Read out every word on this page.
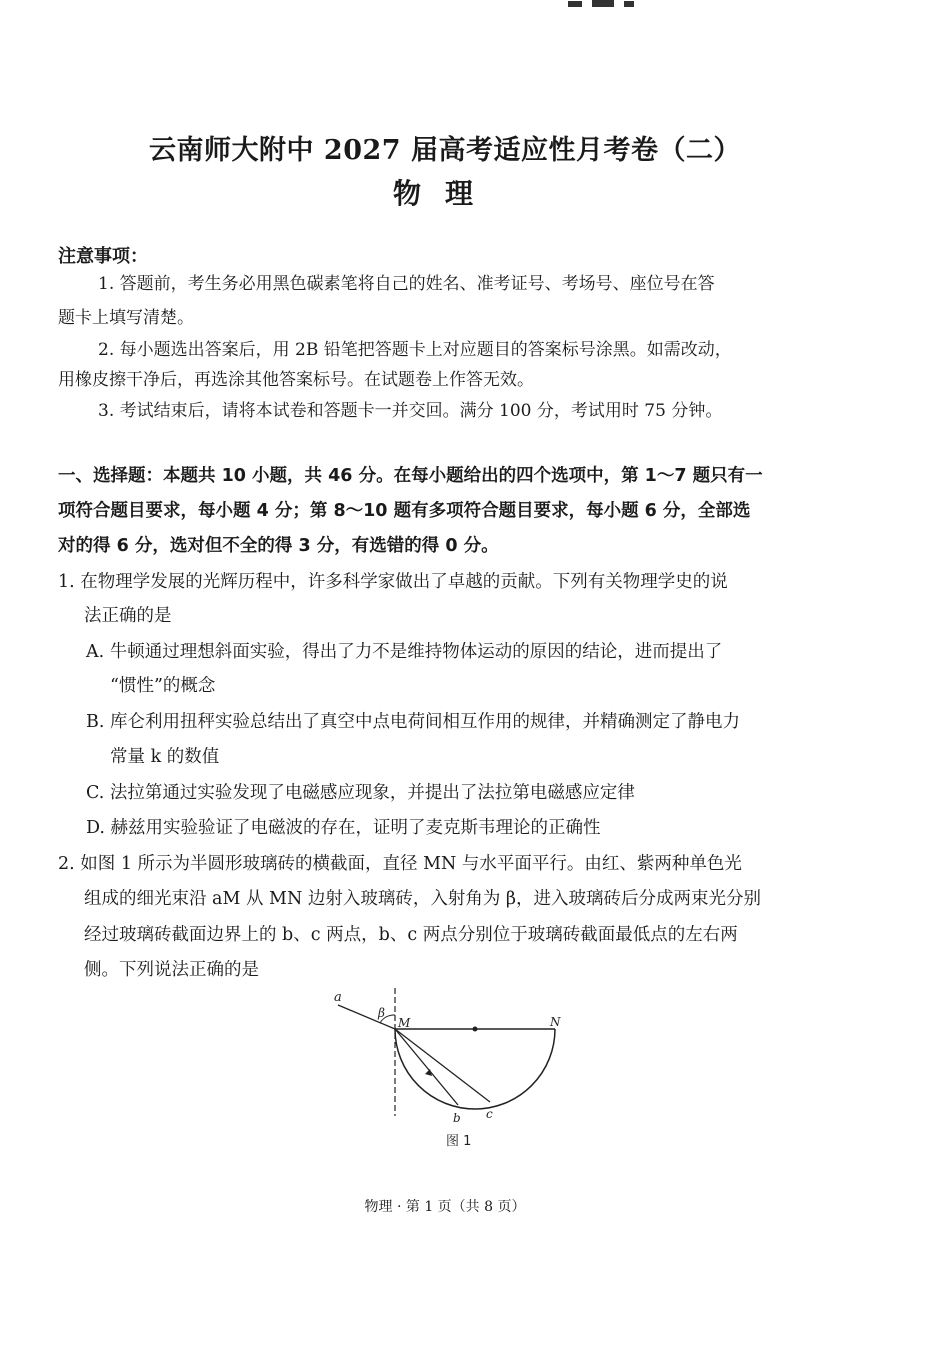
云南师大附中 2027 届高考适应性月考卷（二）
物理
注意事项：
1. 答题前，考生务必用黑色碳素笔将自己的姓名、准考证号、考场号、座位号在答
题卡上填写清楚。
2. 每小题选出答案后，用 2B 铅笔把答题卡上对应题目的答案标号涂黑。如需改动，
用橡皮擦干净后，再选涂其他答案标号。在试题卷上作答无效。
3. 考试结束后，请将本试卷和答题卡一并交回。满分 100 分，考试用时 75 分钟。
一、选择题：本题共 10 小题，共 46 分。在每小题给出的四个选项中，第 1～7 题只有一
项符合题目要求，每小题 4 分；第 8～10 题有多项符合题目要求，每小题 6 分，全部选
对的得 6 分，选对但不全的得 3 分，有选错的得 0 分。
1. 在物理学发展的光辉历程中，许多科学家做出了卓越的贡献。下列有关物理学史的说
法正确的是
A. 牛顿通过理想斜面实验，得出了力不是维持物体运动的原因的结论，进而提出了
“惯性”的概念
B. 库仑利用扭秤实验总结出了真空中点电荷间相互作用的规律，并精确测定了静电力
常量 k 的数值
C. 法拉第通过实验发现了电磁感应现象，并提出了法拉第电磁感应定律
D. 赫兹用实验验证了电磁波的存在，证明了麦克斯韦理论的正确性
2. 如图 1 所示为半圆形玻璃砖的横截面，直径 MN 与水平面平行。由红、紫两种单色光
组成的细光束沿 aM 从 MN 边射入玻璃砖，入射角为 β，进入玻璃砖后分成两束光分别
经过玻璃砖截面边界上的 b、c 两点，b、c 两点分别位于玻璃砖截面最低点的左右两
侧。下列说法正确的是
a
β
M	N
b c
图 1
物理 · 第 1 页（共 8 页）
